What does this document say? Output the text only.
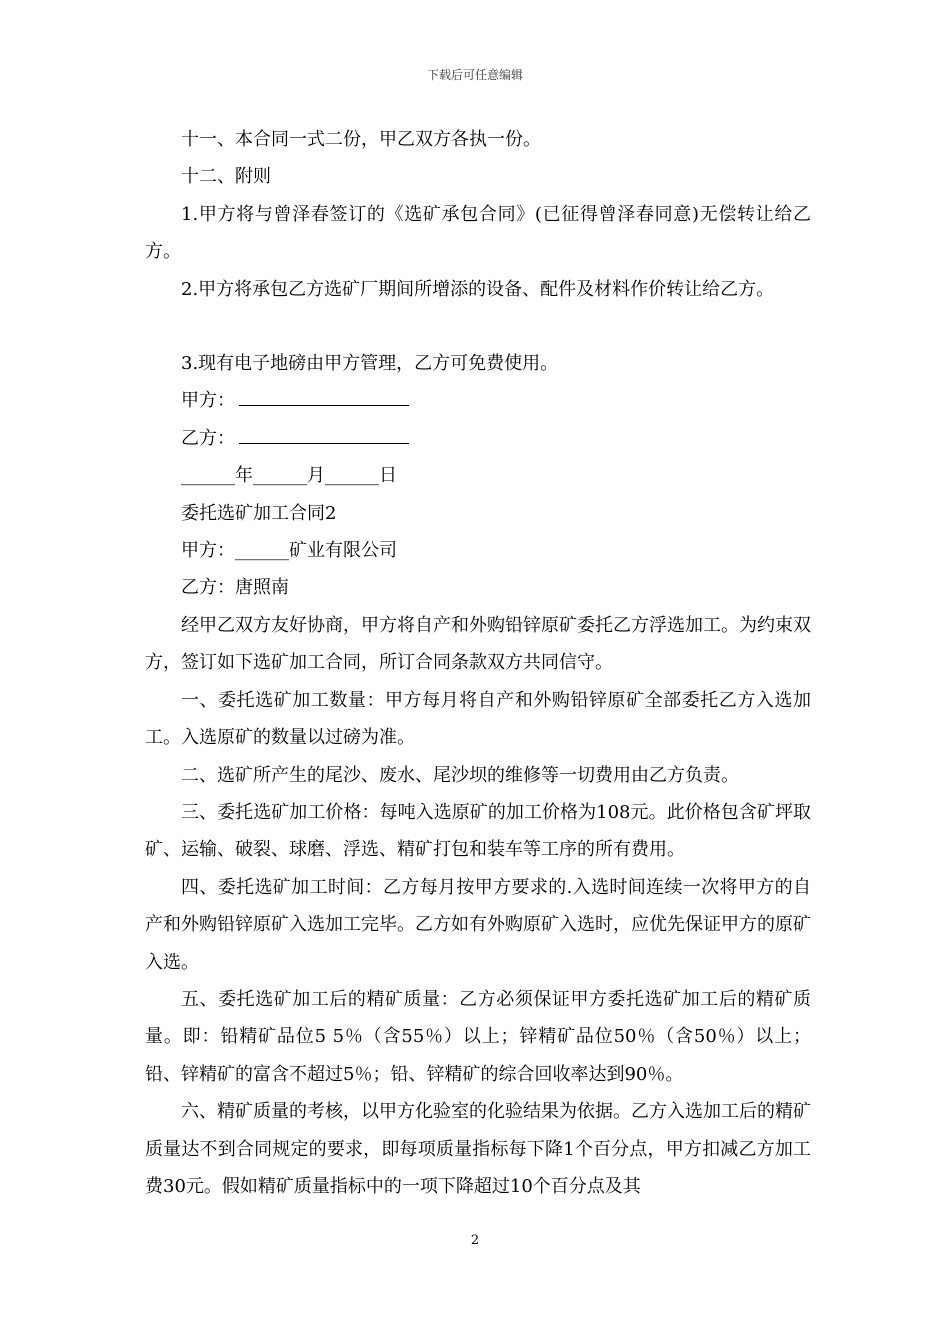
下载后可任意编辑

十一、本合同一式二份，甲乙双方各执一份。

十二、附则

1.甲方将与曾泽春签订的《选矿承包合同》(已征得曾泽春同意)无偿转让给乙方。

2.甲方将承包乙方选矿厂期间所增添的设备、配件及材料作价转让给乙方。

3.现有电子地磅由甲方管理，乙方可免费使用。

甲方：

乙方：

______年______月______日

委托选矿加工合同2

甲方：______矿业有限公司

乙方：唐照南

经甲乙双方友好协商，甲方将自产和外购铅锌原矿委托乙方浮选加工。为约束双方，签订如下选矿加工合同，所订合同条款双方共同信守。

一、委托选矿加工数量：甲方每月将自产和外购铅锌原矿全部委托乙方入选加工。入选原矿的数量以过磅为准。

二、选矿所产生的尾沙、废水、尾沙坝的维修等一切费用由乙方负责。

三、委托选矿加工价格：每吨入选原矿的加工价格为108元。此价格包含矿坪取矿、运输、破裂、球磨、浮选、精矿打包和装车等工序的所有费用。

四、委托选矿加工时间：乙方每月按甲方要求的.入选时间连续一次将甲方的自产和外购铅锌原矿入选加工完毕。乙方如有外购原矿入选时，应优先保证甲方的原矿入选。

五、委托选矿加工后的精矿质量：乙方必须保证甲方委托选矿加工后的精矿质量。即：铅精矿品位5 5％（含55％）以上；锌精矿品位50％（含50％）以上；铅、锌精矿的富含不超过5％；铅、锌精矿的综合回收率达到90％。

六、精矿质量的考核，以甲方化验室的化验结果为依据。乙方入选加工后的精矿质量达不到合同规定的要求，即每项质量指标每下降1个百分点，甲方扣减乙方加工费30元。假如精矿质量指标中的一项下降超过10个百分点及其

2
